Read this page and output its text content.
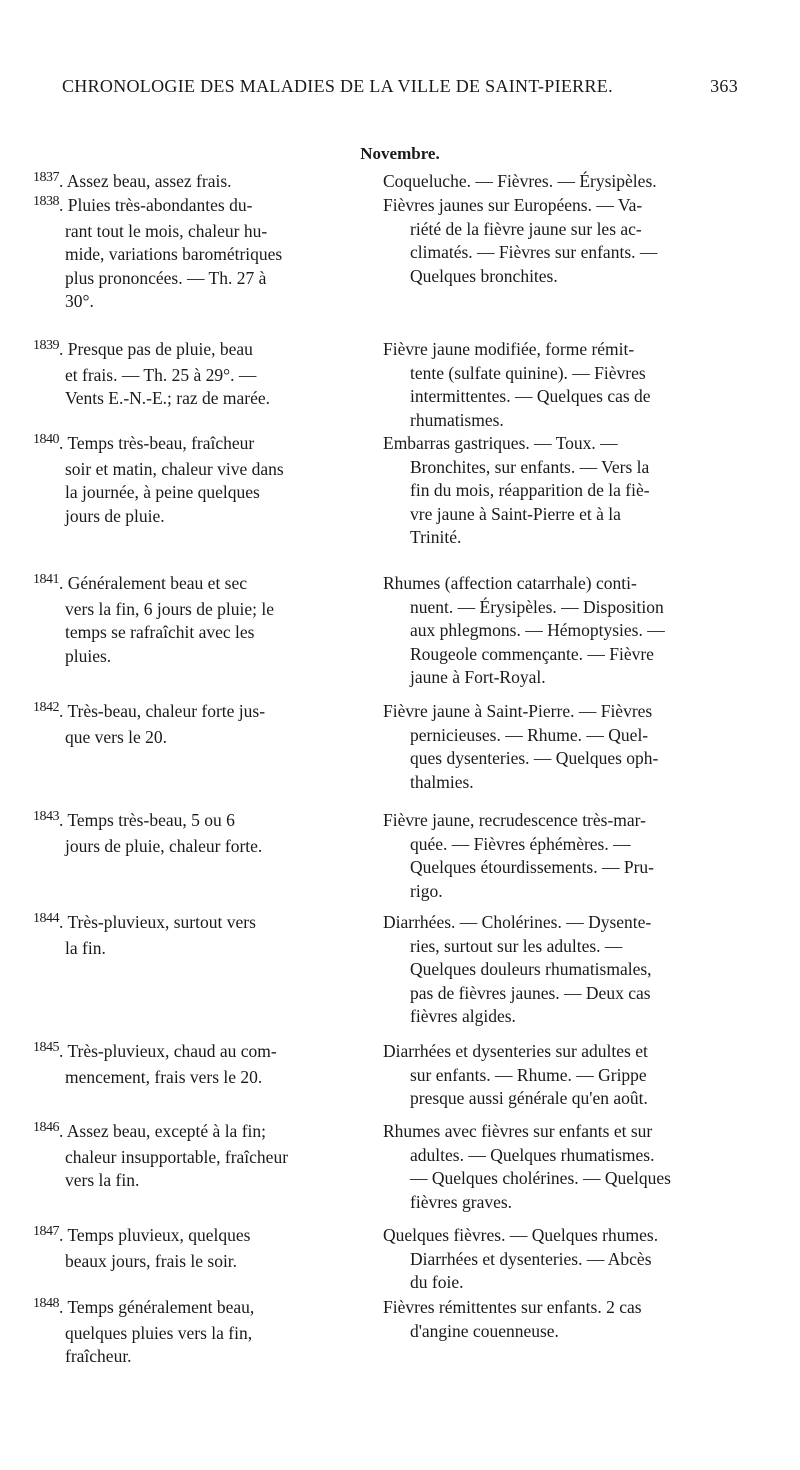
CHRONOLOGIE DES MALADIES DE LA VILLE DE SAINT-PIERRE.	363
Novembre.
$^{1837}$. Assez beau, assez frais.	Coqueluche. — Fièvres. — Érysipèles.
$^{1838}$. Pluies très-abondantes du-
rant tout le mois, chaleur hu-
mide, variations barométriques
plus prononcées. — Th. 27 à
30°.
Fièvres jaunes sur Européens. — Va-
riété de la fièvre jaune sur les ac-
climatés. — Fièvres sur enfants. —
Quelques bronchites.
$^{1839}$. Presque pas de pluie, beau
et frais. — Th. 25 à 29°. —
Vents E.-N.-E.; raz de marée.
Fièvre jaune modifiée, forme rémit-
tente (sulfate quinine). — Fièvres
intermittentes. — Quelques cas de
rhumatismes.
$^{1840}$. Temps très-beau, fraîcheur
soir et matin, chaleur vive dans
la journée, à peine quelques
jours de pluie.
Embarras gastriques. — Toux. —
Bronchites, sur enfants. — Vers la
fin du mois, réapparition de la fiè-
vre jaune à Saint-Pierre et à la
Trinité.
$^{1841}$. Généralement beau et sec
vers la fin, 6 jours de pluie; le
temps se rafraîchit avec les
pluies.
Rhumes (affection catarrhale) conti-
nuent. — Érysipèles. — Disposition
aux phlegmons. — Hémoptysies. —
Rougeole commençante. — Fièvre
jaune à Fort-Royal.
$^{1842}$. Très-beau, chaleur forte jus-
que vers le 20.
Fièvre jaune à Saint-Pierre. — Fièvres
pernicieuses. — Rhume. — Quel-
ques dysenteries. — Quelques oph-
thalmies.
$^{1843}$. Temps très-beau, 5 ou 6
jours de pluie, chaleur forte.
Fièvre jaune, recrudescence très-mar-
quée. — Fièvres éphémères. —
Quelques étourdissements. — Pru-
rigo.
$^{1844}$. Très-pluvieux, surtout vers
la fin.
Diarrhées. — Cholérines. — Dysente-
ries, surtout sur les adultes. —
Quelques douleurs rhumatismales,
pas de fièvres jaunes. — Deux cas
fièvres algides.
$^{1845}$. Très-pluvieux, chaud au com-
mencement, frais vers le 20.
Diarrhées et dysenteries sur adultes et
sur enfants. — Rhume. — Grippe
presque aussi générale qu'en août.
$^{1846}$. Assez beau, excepté à la fin;
chaleur insupportable, fraîcheur
vers la fin.
Rhumes avec fièvres sur enfants et sur
adultes. — Quelques rhumatismes.
— Quelques cholérines. — Quelques
fièvres graves.
$^{1847}$. Temps pluvieux, quelques
beaux jours, frais le soir.
Quelques fièvres. — Quelques rhumes.
Diarrhées et dysenteries. — Abcès
du foie.
$^{1848}$. Temps généralement beau,
quelques pluies vers la fin,
fraîcheur.
Fièvres rémittentes sur enfants. 2 cas
d'angine couenneuse.
